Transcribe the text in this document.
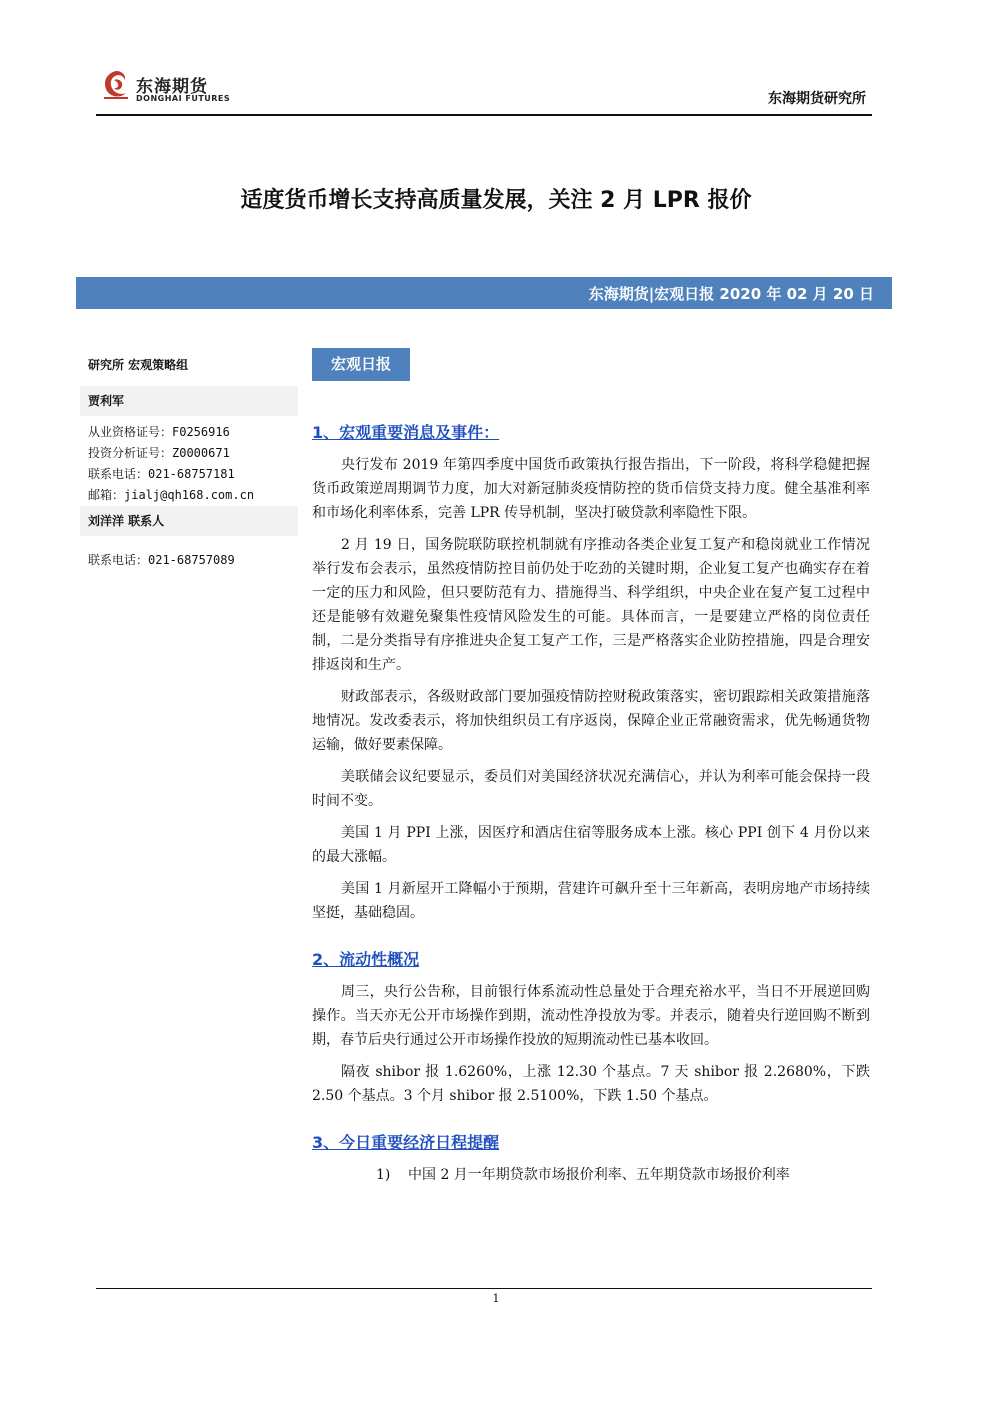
东海期货
DONGHAI FUTURES	东海期货研究所
适度货币增长支持高质量发展，关注 2 月 LPR 报价
东海期货|宏观日报 2020 年 02 月 20 日
研究所 宏观策略组
贾利军
从业资格证号：F0256916
投资分析证号：Z0000671
联系电话：021-68757181
邮箱：jialj@qh168.com.cn
刘洋洋 联系人
联系电话：021-68757089
宏观日报
1、宏观重要消息及事件：

央行发布 2019 年第四季度中国货币政策执行报告指出，下一阶段，将科学稳健把握货币政策逆周期调节力度，加大对新冠肺炎疫情防控的货币信贷支持力度。健全基准利率和市场化利率体系，完善 LPR 传导机制，坚决打破贷款利率隐性下限。

2 月 19 日，国务院联防联控机制就有序推动各类企业复工复产和稳岗就业工作情况举行发布会表示，虽然疫情防控目前仍处于吃劲的关键时期，企业复工复产也确实存在着一定的压力和风险，但只要防范有力、措施得当、科学组织，中央企业在复产复工过程中还是能够有效避免聚集性疫情风险发生的可能。具体而言，一是要建立严格的岗位责任制，二是分类指导有序推进央企复工复产工作，三是严格落实企业防控措施，四是合理安排返岗和生产。

财政部表示，各级财政部门要加强疫情防控财税政策落实，密切跟踪相关政策措施落地情况。发改委表示，将加快组织员工有序返岗，保障企业正常融资需求，优先畅通货物运输，做好要素保障。

美联储会议纪要显示，委员们对美国经济状况充满信心，并认为利率可能会保持一段时间不变。

美国 1 月 PPI 上涨，因医疗和酒店住宿等服务成本上涨。核心 PPI 创下 4 月份以来的最大涨幅。

美国 1 月新屋开工降幅小于预期，营建许可飙升至十三年新高，表明房地产市场持续坚挺，基础稳固。

2、流动性概况

周三，央行公告称，目前银行体系流动性总量处于合理充裕水平，当日不开展逆回购操作。当天亦无公开市场操作到期，流动性净投放为零。并表示，随着央行逆回购不断到期，春节后央行通过公开市场操作投放的短期流动性已基本收回。

隔夜 shibor 报 1.6260%，上涨 12.30 个基点。7 天 shibor 报 2.2680%，下跌 2.50 个基点。3 个月 shibor 报 2.5100%，下跌 1.50 个基点。

3、今日重要经济日程提醒
1) 中国 2 月一年期贷款市场报价利率、五年期贷款市场报价利率
1
